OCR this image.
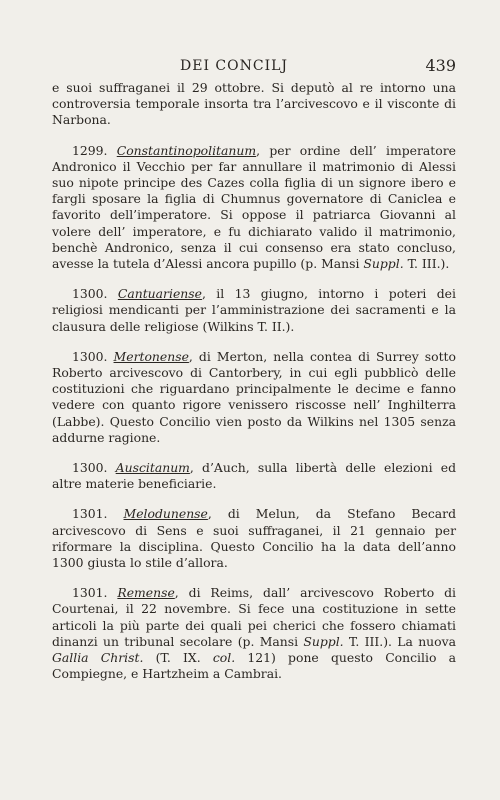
DEI CONCILJ	439

e suoi suffraganei il 29 ottobre. Si deputò al re intorno una controversia temporale insorta tra l’arcivescovo e il visconte di Narbona.

1299. Constantinopolitanum, per ordine dell’ imperatore Andronico il Vecchio per far annullare il matrimonio di Alessi suo nipote principe des Cazes colla figlia di un signore ibero e fargli sposare la figlia di Chumnus governatore di Canicleа e favorito dell’imperatore. Si oppose il patriarca Giovanni al volere dell’ imperatore, e fu dichiarato valido il matrimonio, benchè Andronico, senza il cui consenso era stato concluso, avesse la tutela d’Alessi ancora pupillo (p. Mansi Suppl. T. III.).

1300. Cantuariense, il 13 giugno, intorno i poteri dei religiosi mendicanti per l’amministrazione dei sacramenti e la clausura delle religiose (Wilkins T. II.).

1300. Mertonense, di Merton, nella contea di Surrey sotto Roberto arcivescovo di Cantorbery, in cui egli pubblicò delle costituzioni che riguardano principalmente le decime e fanno vedere con quanto rigore venissero riscosse nell’ Inghilterra (Labbe). Questo Concilio vien posto da Wilkins nel 1305 senza addurne ragione.

1300. Auscitanum, d’Auch, sulla libertà delle elezioni ed altre materie beneficiarie.

1301. Melodunense, di Melun, da Stefano Becard arcivescovo di Sens e suoi suffraganei, il 21 gennaio per riformare la disciplina. Questo Concilio ha la data dell’anno 1300 giusta lo stile d’allora.

1301. Remense, di Reims, dall’ arcivescovo Roberto di Courtenai, il 22 novembre. Si fece una costituzione in sette articoli la più parte dei quali pei cherici che fossero chiamati dinanzi un tribunal secolare (p. Mansi Suppl. T. III.). La nuova Gallia Christ. (T. IX. col. 121) pone questo Concilio a Compiegne, e Hartzheim a Cambrai.
